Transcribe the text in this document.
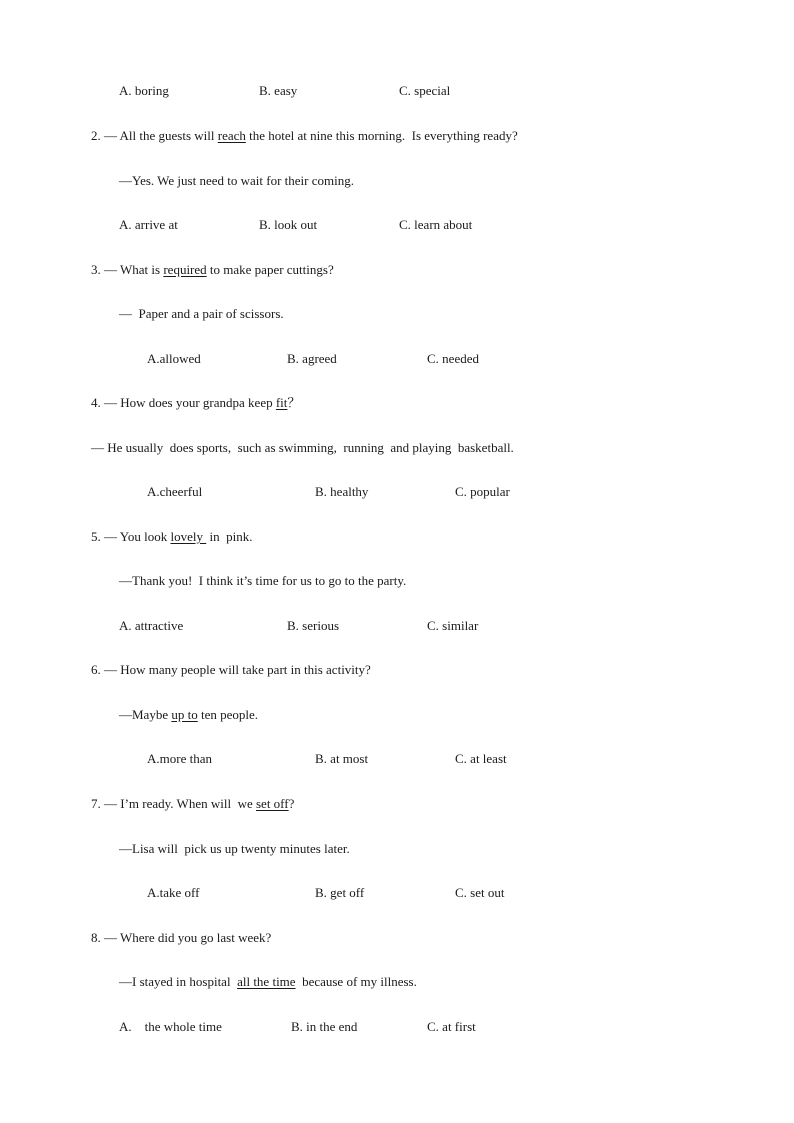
A. boring	B. easy	C. special
2. — All the guests will reach the hotel at nine this morning.  Is everything ready?
—Yes. We just need to wait for their coming.
A. arrive at	B. look out	C. learn about
3. — What is required to make paper cuttings?
—  Paper and a pair of scissors.
A.allowed	B. agreed	C. needed
4. — How does your grandpa keep fit？
— He usually  does sports,  such as swimming,  running  and playing  basketball.
A.cheerful	B. healthy	C. popular
5. — You look lovely  in  pink.
—Thank you!  I think it’s time for us to go to the party.
A. attractive	B. serious	C. similar
6. — How many people will take part in this activity?
—Maybe up to ten people.
A.more than	B. at most	C. at least
7. — I’m ready. When will  we set off?
—Lisa will  pick us up twenty minutes later.
A.take off	B. get off	C. set out
8. — Where did you go last week?
—I stayed in hospital  all the time  because of my illness.
A.    the whole time	B. in the end	C. at first
